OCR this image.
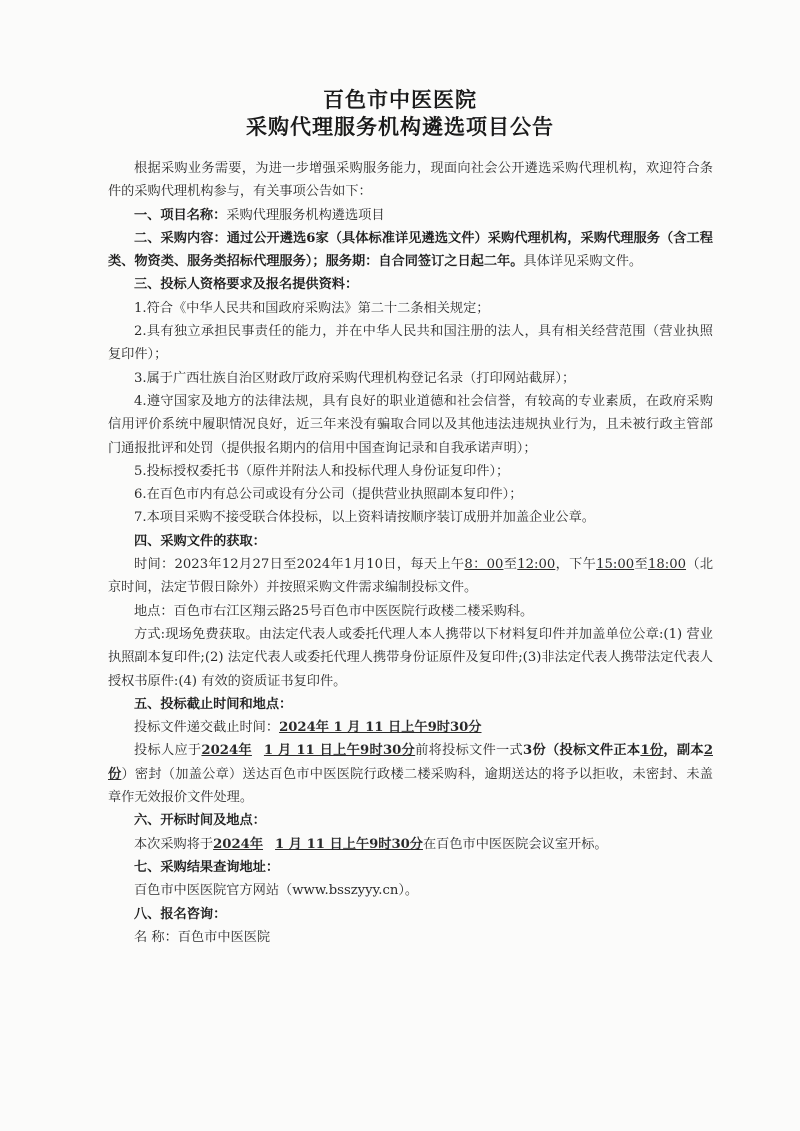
百色市中医医院
采购代理服务机构遴选项目公告

根据采购业务需要，为进一步增强采购服务能力，现面向社会公开遴选采购代理机构，欢迎符合条件的采购代理机构参与，有关事项公告如下：

一、项目名称：采购代理服务机构遴选项目

二、采购内容：通过公开遴选6家（具体标准详见遴选文件）采购代理机构，采购代理服务（含工程类、物资类、服务类招标代理服务）；服务期：自合同签订之日起二年。具体详见采购文件。

三、投标人资格要求及报名提供资料：

1.符合《中华人民共和国政府采购法》第二十二条相关规定；

2.具有独立承担民事责任的能力，并在中华人民共和国注册的法人，具有相关经营范围（营业执照复印件）；

3.属于广西壮族自治区财政厅政府采购代理机构登记名录（打印网站截屏）；

4.遵守国家及地方的法律法规，具有良好的职业道德和社会信誉，有较高的专业素质，在政府采购信用评价系统中履职情况良好，近三年来没有骗取合同以及其他违法违规执业行为，且未被行政主管部门通报批评和处罚（提供报名期内的信用中国查询记录和自我承诺声明）；

5.投标授权委托书（原件并附法人和投标代理人身份证复印件）；

6.在百色市内有总公司或设有分公司（提供营业执照副本复印件）；

7.本项目采购不接受联合体投标，以上资料请按顺序装订成册并加盖企业公章。

四、采购文件的获取：

时间：2023年12月27日至2024年1月10日，每天上午8：00至12:00，下午15:00至18:00（北京时间，法定节假日除外）并按照采购文件需求编制投标文件。

地点：百色市右江区翔云路25号百色市中医医院行政楼二楼采购科。

方式:现场免费获取。由法定代表人或委托代理人本人携带以下材料复印件并加盖单位公章:(1) 营业执照副本复印件;(2) 法定代表人或委托代理人携带身份证原件及复印件;(3)非法定代表人携带法定代表人授权书原件:(4) 有效的资质证书复印件。

五、投标截止时间和地点：

投标文件递交截止时间：2024年 1 月 11 日上午9时30分

投标人应于2024年 1 月 11 日上午9时30分前将投标文件一式3份（投标文件正本1份，副本2份）密封（加盖公章）送达百色市中医医院行政楼二楼采购科，逾期送达的将予以拒收，未密封、未盖章作无效报价文件处理。

六、开标时间及地点：

本次采购将于2024年 1 月 11 日上午9时30分在百色市中医医院会议室开标。

七、采购结果查询地址：

百色市中医医院官方网站（www.bsszyyy.cn）。

八、报名咨询：

名 称：百色市中医医院
